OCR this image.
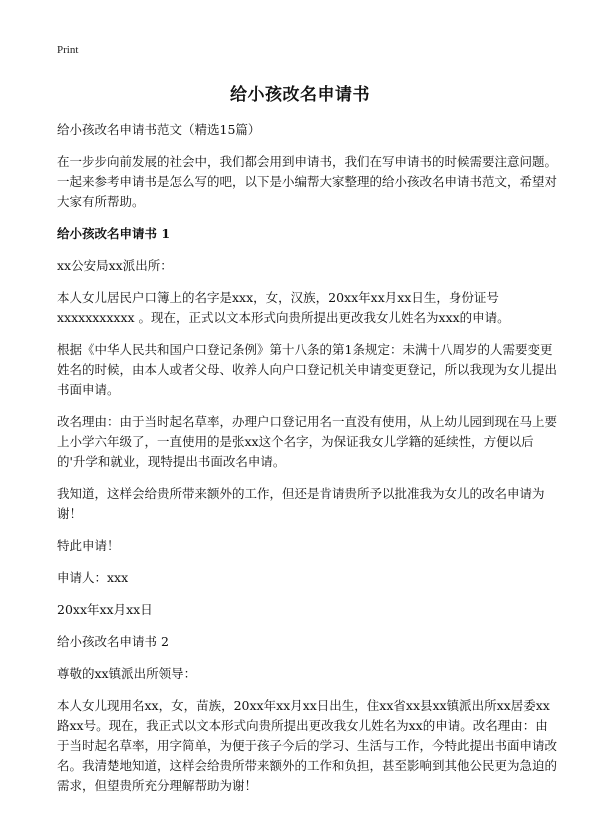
Print
给小孩改名申请书

给小孩改名申请书范文（精选15篇）

在一步步向前发展的社会中，我们都会用到申请书，我们在写申请书的时候需要注意问题。一起来参考申请书是怎么写的吧，以下是小编帮大家整理的给小孩改名申请书范文，希望对大家有所帮助。

给小孩改名申请书 1

xx公安局xx派出所：

本人女儿居民户口簿上的名字是xxx，女，汉族，20xx年xx月xx日生，身份证号xxxxxxxxxxx 。现在，正式以文本形式向贵所提出更改我女儿姓名为xxx的申请。

根据《中华人民共和国户口登记条例》第十八条的第1条规定：未满十八周岁的人需要变更姓名的时候，由本人或者父母、收养人向户口登记机关申请变更登记，所以我现为女儿提出书面申请。

改名理由：由于当时起名草率，办理户口登记用名一直没有使用，从上幼儿园到现在马上要上小学六年级了，一直使用的是张xx这个名字，为保证我女儿学籍的延续性，方便以后的'升学和就业，现特提出书面改名申请。

我知道，这样会给贵所带来额外的工作，但还是肯请贵所予以批准我为女儿的改名申请为谢！

特此申请！

申请人：xxx

20xx年xx月xx日

给小孩改名申请书 2

尊敬的xx镇派出所领导：

本人女儿现用名xx，女，苗族，20xx年xx月xx日出生，住xx省xx县xx镇派出所xx居委xx路xx号。现在，我正式以文本形式向贵所提出更改我女儿姓名为xx的申请。改名理由：由于当时起名草率，用字简单，为便于孩子今后的学习、生活与工作，今特此提出书面申请改名。我清楚地知道，这样会给贵所带来额外的工作和负担，甚至影响到其他公民更为急迫的需求，但望贵所充分理解帮助为谢！
